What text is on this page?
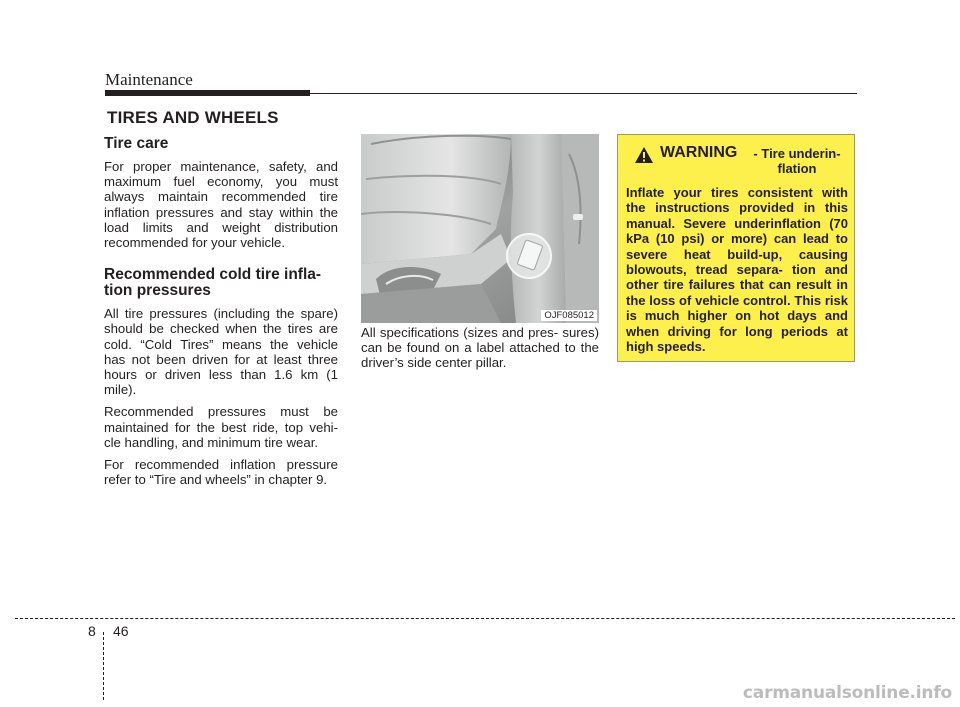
Maintenance
TIRES AND WHEELS
Tire care

For proper maintenance, safety, and maximum fuel economy, you must always maintain recommended tire inflation pressures and stay within the load limits and weight distribution recommended for your vehicle.

Recommended cold tire infla-
tion pressures

All tire pressures (including the spare) should be checked when the tires are cold. “Cold Tires” means the vehicle has not been driven for at least three hours or driven less than 1.6 km (1 mile).

Recommended pressures must be maintained for the best ride, top vehi- cle handling, and minimum tire wear.

For recommended inflation pressure refer to “Tire and wheels” in chapter 9.

OJF085012

All specifications (sizes and pres- sures) can be found on a label attached to the driver’s side center pillar.

WARNING	- Tire underin-
flation

Inflate your tires consistent with the instructions provided in this manual. Severe underinflation (70 kPa (10 psi) or more) can lead to severe heat build-up, causing blowouts, tread separa- tion and other tire failures that can result in the loss of vehicle control. This risk is much higher on hot days and when driving for long periods at high speeds.

8 46
carmanualsonline.info
